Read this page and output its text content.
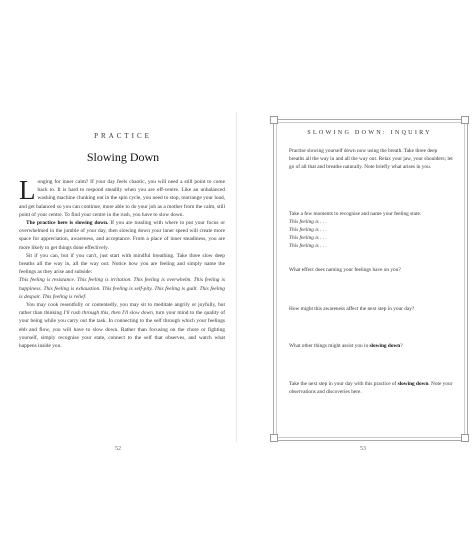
PRACTICE
Slowing Down

Longing for inner calm? If your day feels chaotic, you will need a still point to come back to. It is hard to respond steadily when you are off-centre. Like an unbalanced washing machine clunking out in the spin cycle, you need to stop, rearrange your load, and get balanced so you can continue, more able to do your job as a mother from the calm, still point of your centre. To find your centre in the rush, you have to slow down.

The practice here is slowing down. If you are tussling with where to put your focus or overwhelmed in the jumble of your day, then slowing down your inner speed will create more space for appreciation, awareness, and acceptance. From a place of inner steadiness, you are more likely to get things done effectively.

Sit if you can, but if you can't, just start with mindful breathing. Take three slow deep breaths all the way in, all the way out. Notice how you are feeling and simply name the feelings as they arise and subside:

This feeling is resistance. This feeling is irritation. This feeling is overwhelm. This feeling is happiness. This feeling is exhaustion. This feeling is self-pity. This feeling is guilt. This feeling is despair. This feeling is relief.

You may cook resentfully or contentedly, you may sit to meditate angrily or joyfully, but rather than thinking I'll rush through this, then I'll slow down, turn your mind to the quality of your being while you carry out the task. In connecting to the self through which your feelings ebb and flow, you will have to slow down. Rather than focusing on the chore or fighting yourself, simply recognise your state, connect to the self that observes, and watch what happens inside you.

52
SLOWING DOWN: INQUIRY

Practise slowing yourself down now using the breath. Take three deep breaths all the way in and all the way out. Relax your jaw, your shoulders; let go of all that and breathe naturally. Note briefly what arises in you.

Take a few moments to recognise and name your feeling state.

This feeling is . . .

This feeling is . . .

This feeling is . . .

This feeling is . . .

What effect does naming your feelings have on you?

How might this awareness affect the next step in your day?

What other things might assist you in slowing down?

Take the next step in your day with this practice of slowing down. Note your observations and discoveries here.

53
